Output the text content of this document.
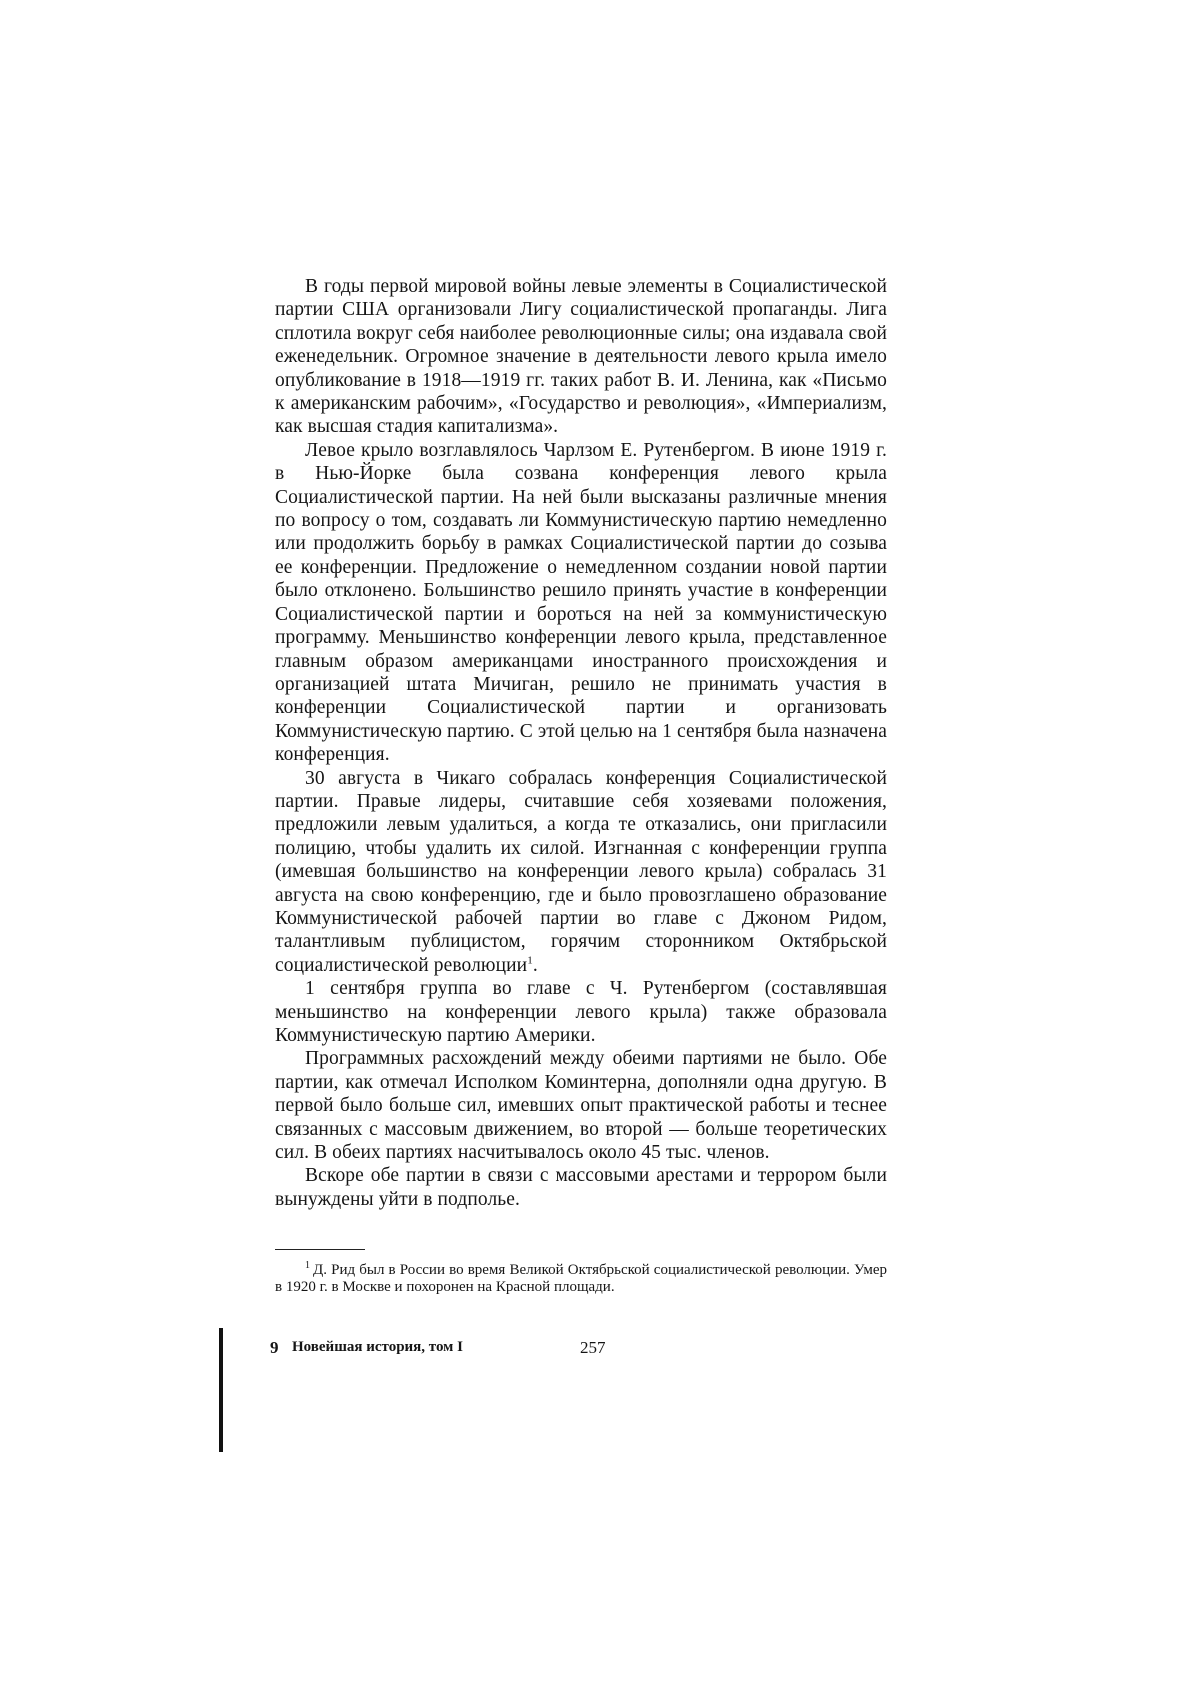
В годы первой мировой войны левые элементы в Социалистической партии США организовали Лигу социалистической пропаганды. Лига сплотила вокруг себя наиболее революционные силы; она издавала свой еженедельник. Огромное значение в деятельности левого крыла имело опубликование в 1918—1919 гг. таких работ В. И. Ленина, как «Письмо к американским рабочим», «Государство и революция», «Империализм, как высшая стадия капитализма».

Левое крыло возглавлялось Чарлзом Е. Рутенбергом. В июне 1919 г. в Нью-Йорке была созвана конференция левого крыла Социалистической партии. На ней были высказаны различные мнения по вопросу о том, создавать ли Коммунистическую партию немедленно или продолжить борьбу в рамках Социалистической партии до созыва ее конференции. Предложение о немедленном создании новой партии было отклонено. Большинство решило принять участие в конференции Социалистической партии и бороться на ней за коммунистическую программу. Меньшинство конференции левого крыла, представленное главным образом американцами иностранного происхождения и организацией штата Мичиган, решило не принимать участия в конференции Социалистической партии и организовать Коммунистическую партию. С этой целью на 1 сентября была назначена конференция.

30 августа в Чикаго собралась конференция Социалистической партии. Правые лидеры, считавшие себя хозяевами положения, предложили левым удалиться, а когда те отказались, они пригласили полицию, чтобы удалить их силой. Изгнанная с конференции группа (имевшая большинство на конференции левого крыла) собралась 31 августа на свою конференцию, где и было провозглашено образование Коммунистической рабочей партии во главе с Джоном Ридом, талантливым публицистом, горячим сторонником Октябрьской социалистической революции$^1$.

1 сентября группа во главе с Ч. Рутенбергом (составлявшая меньшинство на конференции левого крыла) также образовала Коммунистическую партию Америки.

Программных расхождений между обеими партиями не было. Обе партии, как отмечал Исполком Коминтерна, дополняли одна другую. В первой было больше сил, имевших опыт практической работы и теснее связанных с массовым движением, во второй — больше теоретических сил. В обеих партиях насчитывалось около 45 тыс. членов.

Вскоре обе партии в связи с массовыми арестами и террором были вынуждены уйти в подполье.

$^1$ Д. Рид был в России во время Великой Октябрьской социалистической революции. Умер в 1920 г. в Москве и похоронен на Красной площади.

9 Новейшая история, том I	257
